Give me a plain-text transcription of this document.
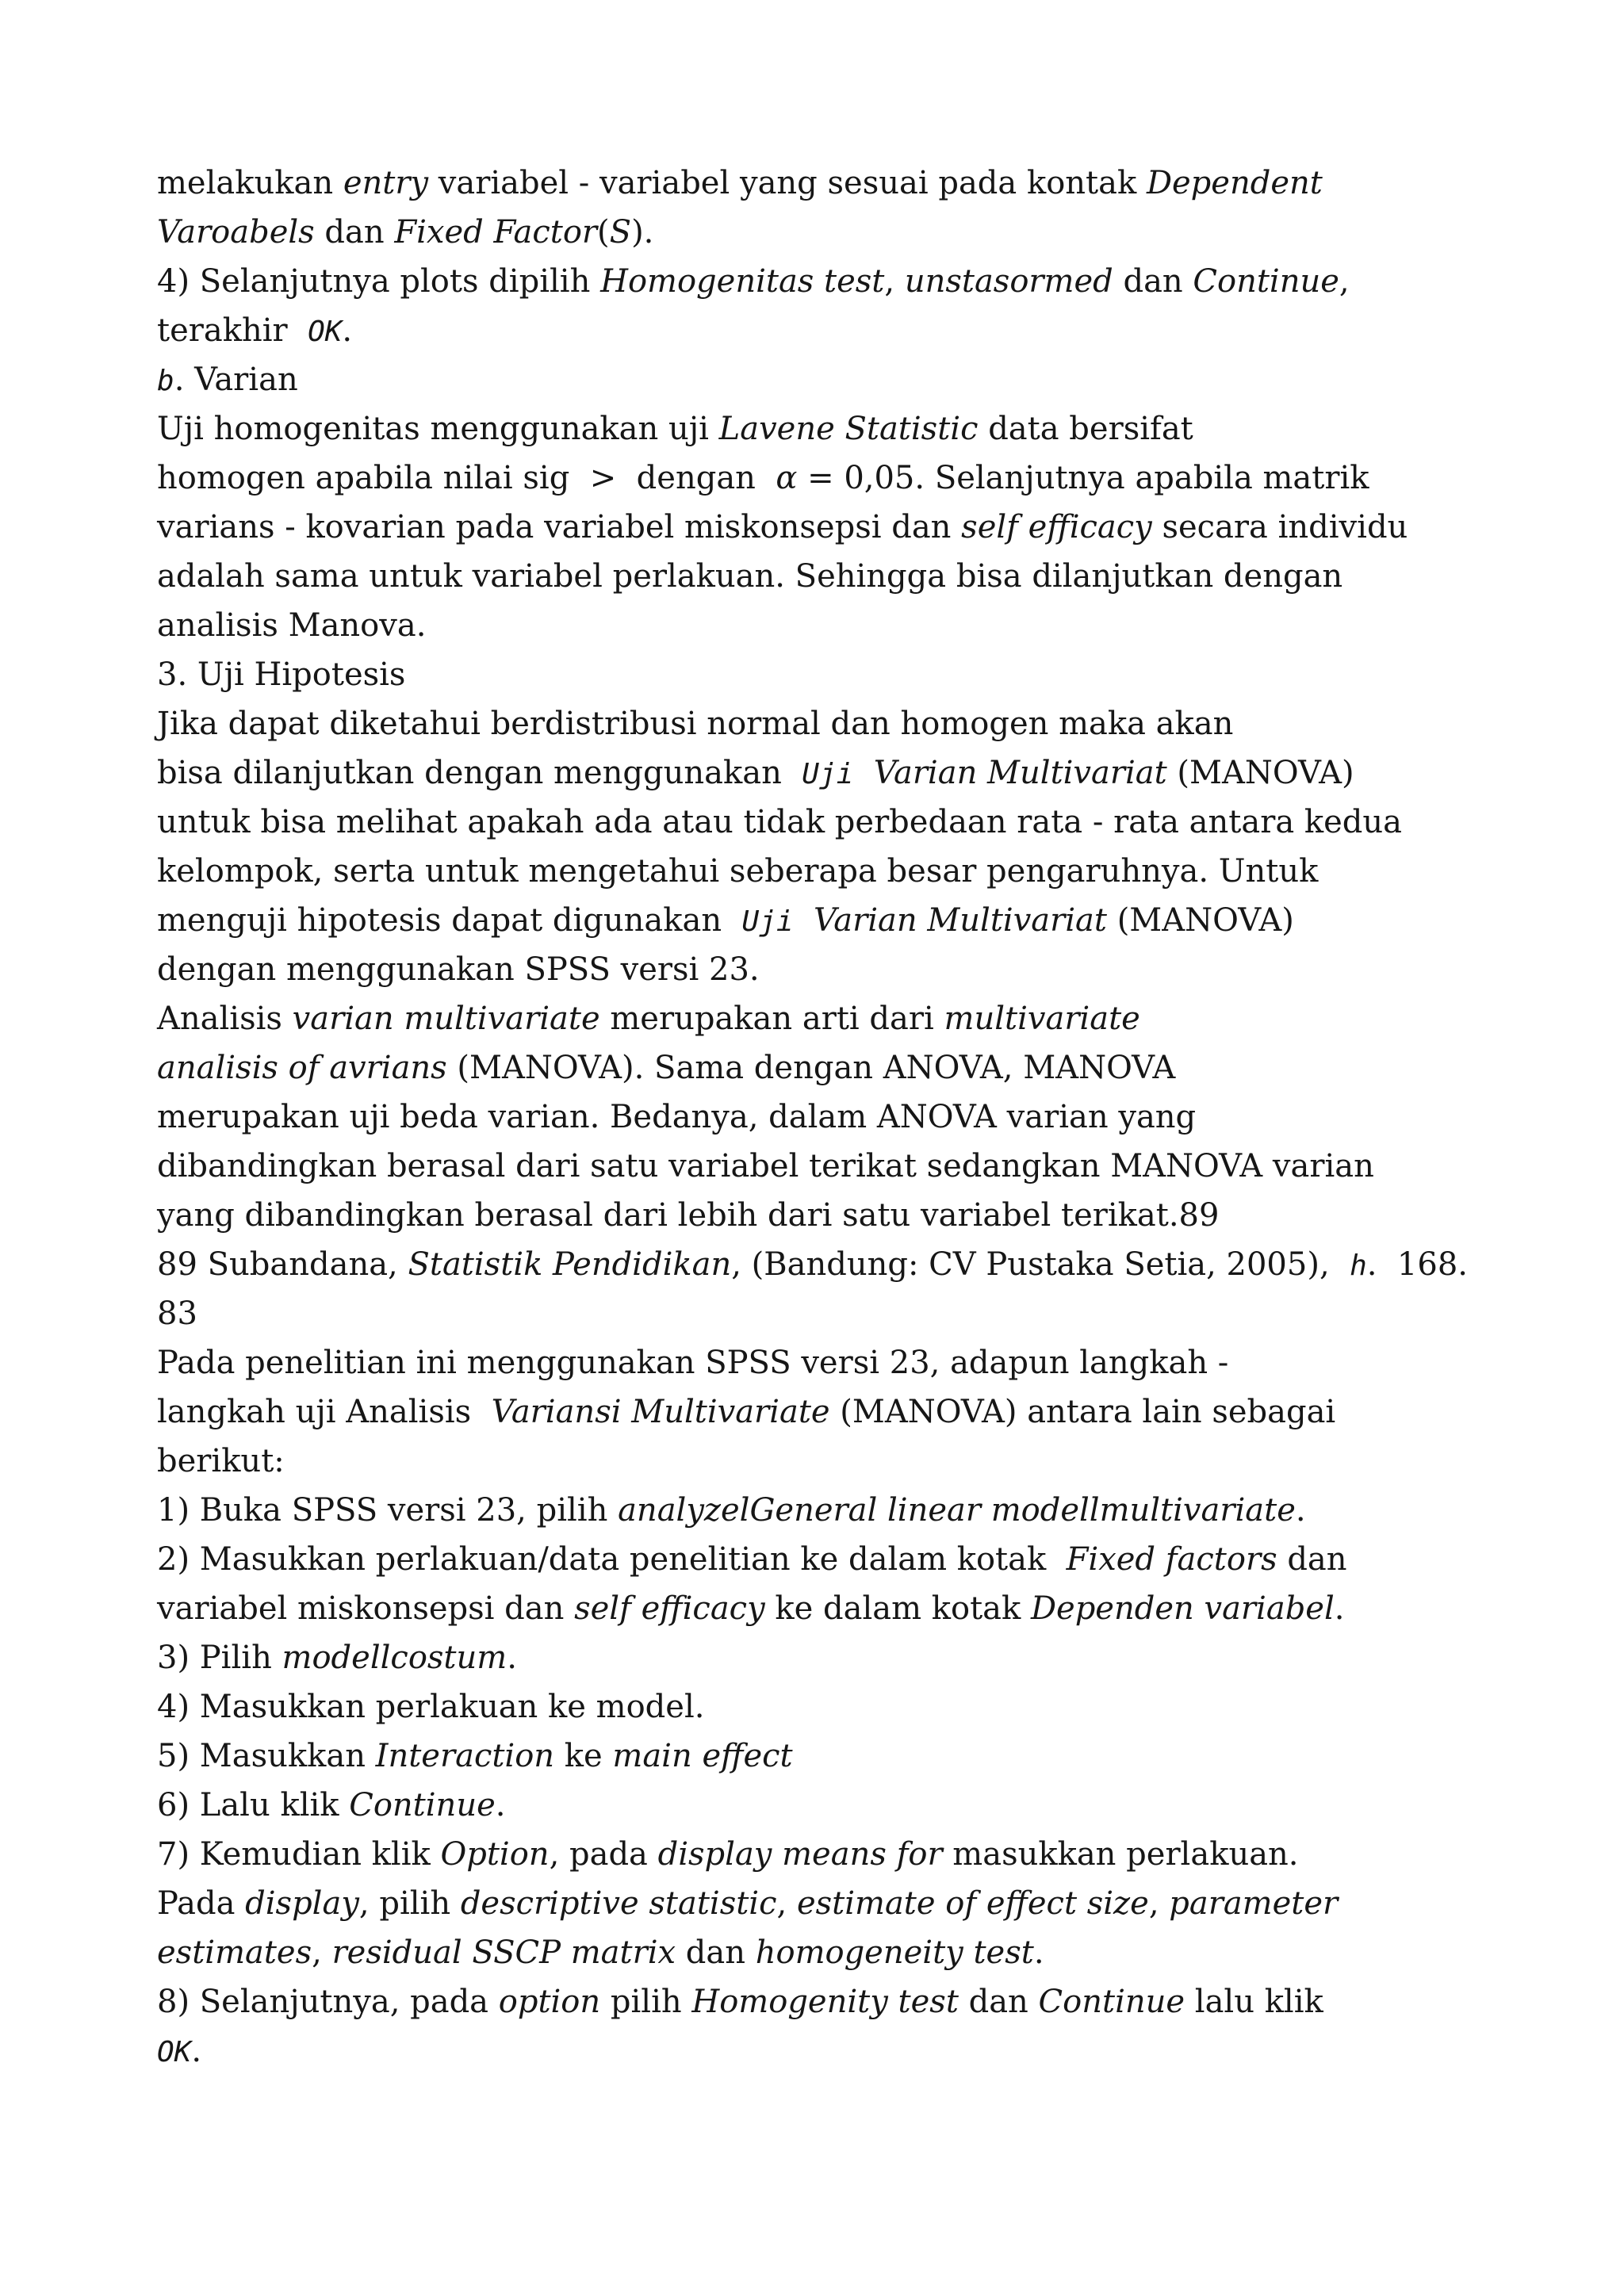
melakukan entry variabel - variabel yang sesuai pada kontak Dependent
Varoabels dan Fixed Factor(S).
4) Selanjutnya plots dipilih Homogenitas test, unstasormed dan Continue,
terakhir  OK.
b. Varian
Uji homogenitas menggunakan uji Lavene Statistic data bersifat
homogen apabila nilai sig  >  dengan  α = 0,05. Selanjutnya apabila matrik
varians - kovarian pada variabel miskonsepsi dan self efficacy secara individu
adalah sama untuk variabel perlakuan. Sehingga bisa dilanjutkan dengan
analisis Manova.
3. Uji Hipotesis
Jika dapat diketahui berdistribusi normal dan homogen maka akan
bisa dilanjutkan dengan menggunakan  Uji Varian Multivariat (MANOVA)
untuk bisa melihat apakah ada atau tidak perbedaan rata - rata antara kedua
kelompok, serta untuk mengetahui seberapa besar pengaruhnya. Untuk
menguji hipotesis dapat digunakan  Uji Varian Multivariat (MANOVA)
dengan menggunakan SPSS versi 23.
Analisis varian multivariate merupakan arti dari multivariate
analisis of avrians (MANOVA). Sama dengan ANOVA, MANOVA
merupakan uji beda varian. Bedanya, dalam ANOVA varian yang
dibandingkan berasal dari satu variabel terikat sedangkan MANOVA varian
yang dibandingkan berasal dari lebih dari satu variabel terikat.89
89 Subandana, Statistik Pendidikan, (Bandung: CV Pustaka Setia, 2005),  h.  168.
83
Pada penelitian ini menggunakan SPSS versi 23, adapun langkah -
langkah uji Analisis  Variansi Multivariate (MANOVA) antara lain sebagai
berikut:
1) Buka SPSS versi 23, pilih analyzelGeneral linear modellmultivariate.
2) Masukkan perlakuan/data penelitian ke dalam kotak  Fixed factors dan
variabel miskonsepsi dan self efficacy ke dalam kotak Dependen variabel.
3) Pilih modellcostum.
4) Masukkan perlakuan ke model.
5) Masukkan Interaction ke main effect
6) Lalu klik Continue.
7) Kemudian klik Option, pada display means for masukkan perlakuan.
Pada display, pilih descriptive statistic, estimate of effect size, parameter
estimates, residual SSCP matrix dan homogeneity test.
8) Selanjutnya, pada option pilih Homogenity test dan Continue lalu klik
OK.
